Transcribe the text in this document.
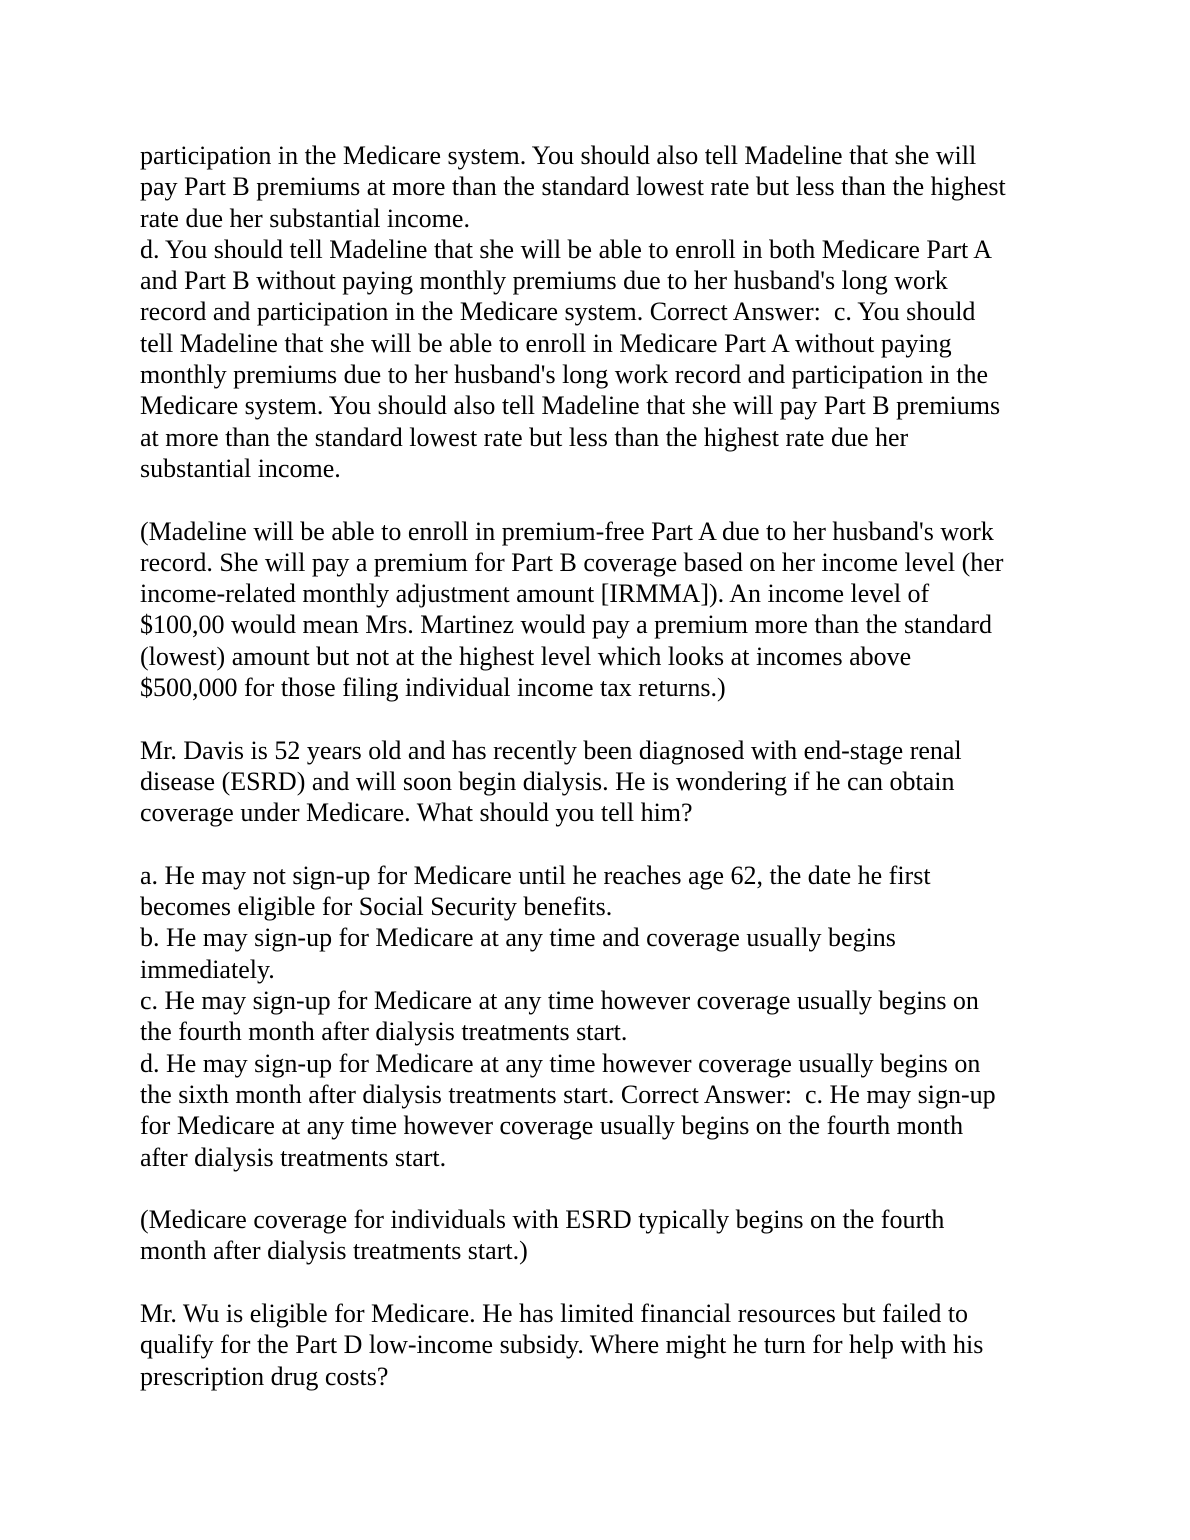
participation in the Medicare system. You should also tell Madeline that she will
pay Part B premiums at more than the standard lowest rate but less than the highest
rate due her substantial income.
d. You should tell Madeline that she will be able to enroll in both Medicare Part A
and Part B without paying monthly premiums due to her husband's long work
record and participation in the Medicare system. Correct Answer:  c. You should
tell Madeline that she will be able to enroll in Medicare Part A without paying
monthly premiums due to her husband's long work record and participation in the
Medicare system. You should also tell Madeline that she will pay Part B premiums
at more than the standard lowest rate but less than the highest rate due her
substantial income.
(Madeline will be able to enroll in premium-free Part A due to her husband's work
record. She will pay a premium for Part B coverage based on her income level (her
income-related monthly adjustment amount [IRMMA]). An income level of
$100,00 would mean Mrs. Martinez would pay a premium more than the standard
(lowest) amount but not at the highest level which looks at incomes above
$500,000 for those filing individual income tax returns.)
Mr. Davis is 52 years old and has recently been diagnosed with end-stage renal
disease (ESRD) and will soon begin dialysis. He is wondering if he can obtain
coverage under Medicare. What should you tell him?
a. He may not sign-up for Medicare until he reaches age 62, the date he first
becomes eligible for Social Security benefits.
b. He may sign-up for Medicare at any time and coverage usually begins
immediately.
c. He may sign-up for Medicare at any time however coverage usually begins on
the fourth month after dialysis treatments start.
d. He may sign-up for Medicare at any time however coverage usually begins on
the sixth month after dialysis treatments start. Correct Answer:  c. He may sign-up
for Medicare at any time however coverage usually begins on the fourth month
after dialysis treatments start.
(Medicare coverage for individuals with ESRD typically begins on the fourth
month after dialysis treatments start.)
Mr. Wu is eligible for Medicare. He has limited financial resources but failed to
qualify for the Part D low-income subsidy. Where might he turn for help with his
prescription drug costs?
